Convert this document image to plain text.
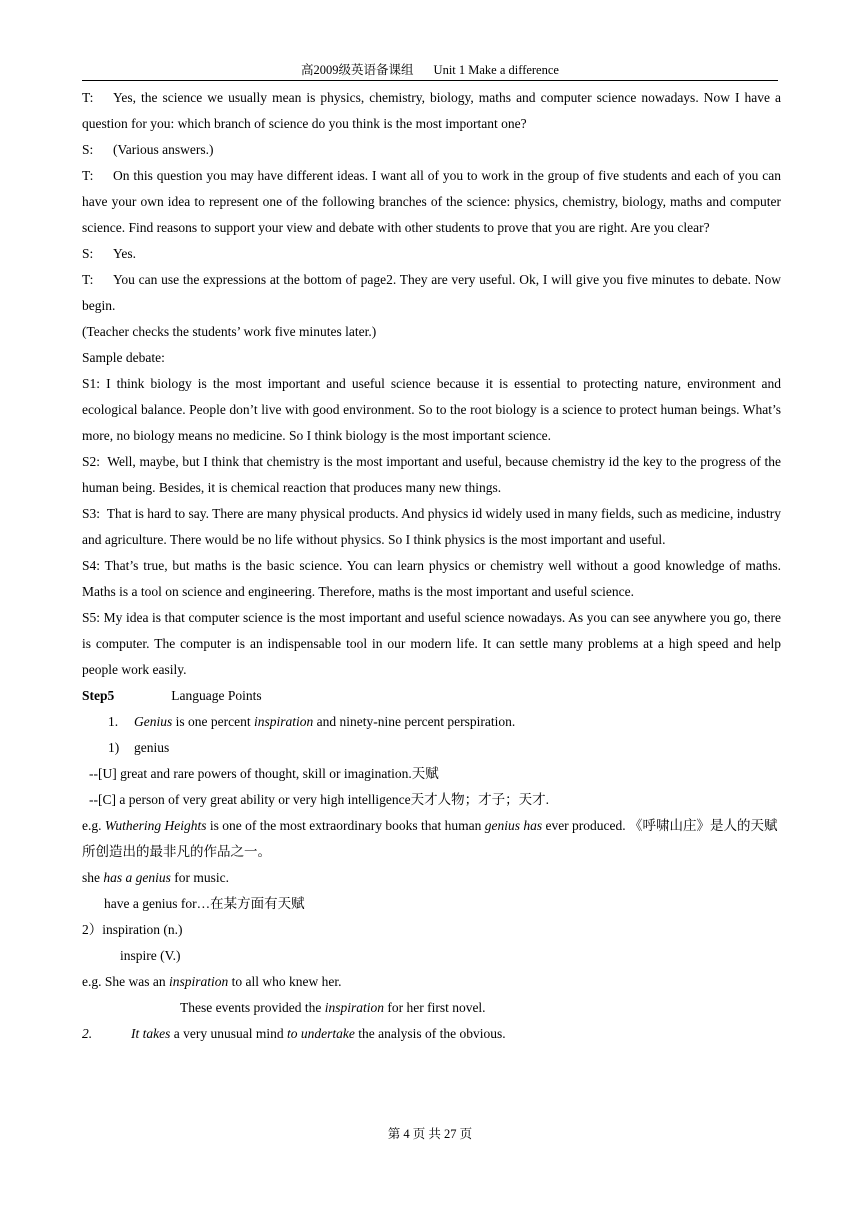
高2009级英语备课组 Unit 1 Make a difference

T: Yes, the science we usually mean is physics, chemistry, biology, maths and computer science nowadays. Now I have a question for you: which branch of science do you think is the most important one?

S: (Various answers.)

T: On this question you may have different ideas. I want all of you to work in the group of five students and each of you can have your own idea to represent one of the following branches of the science: physics, chemistry, biology, maths and computer science. Find reasons to support your view and debate with other students to prove that you are right. Are you clear?

S: Yes.

T: You can use the expressions at the bottom of page2. They are very useful. Ok, I will give you five minutes to debate. Now begin.

(Teacher checks the students’ work five minutes later.)

Sample debate:

S1: I think biology is the most important and useful science because it is essential to protecting nature, environment and ecological balance. People don’t live with good environment. So to the root biology is a science to protect human beings. What’s more, no biology means no medicine. So I think biology is the most important science.

S2: Well, maybe, but I think that chemistry is the most important and useful, because chemistry id the key to the progress of the human being. Besides, it is chemical reaction that produces many new things.

S3: That is hard to say. There are many physical products. And physics id widely used in many fields, such as medicine, industry and agriculture. There would be no life without physics. So I think physics is the most important and useful.

S4: That’s true, but maths is the basic science. You can learn physics or chemistry well without a good knowledge of maths. Maths is a tool on science and engineering. Therefore, maths is the most important and useful science.

S5: My idea is that computer science is the most important and useful science nowadays. As you can see anywhere you go, there is computer. The computer is an indispensable tool in our modern life. It can settle many problems at a high speed and help people work easily.

Step5	Language Points

1. Genius is one percent inspiration and ninety-nine percent perspiration.

1) genius

--[U] great and rare powers of thought, skill or imagination.天赋

--[C] a person of very great ability or very high intelligence天才人物；才子；天才.

e.g. Wuthering Heights is one of the most extraordinary books that human genius has ever produced. 《呼啸山庄》是人的天赋所创造出的最非凡的作品之一。

she has a genius for music.

have a genius for…在某方面有天赋

2）inspiration (n.)

inspire (V.)

e.g. She was an inspiration to all who knew her.

These events provided the inspiration for her first novel.

2.	It takes a very unusual mind to undertake the analysis of the obvious.

第 4 页 共 27 页
